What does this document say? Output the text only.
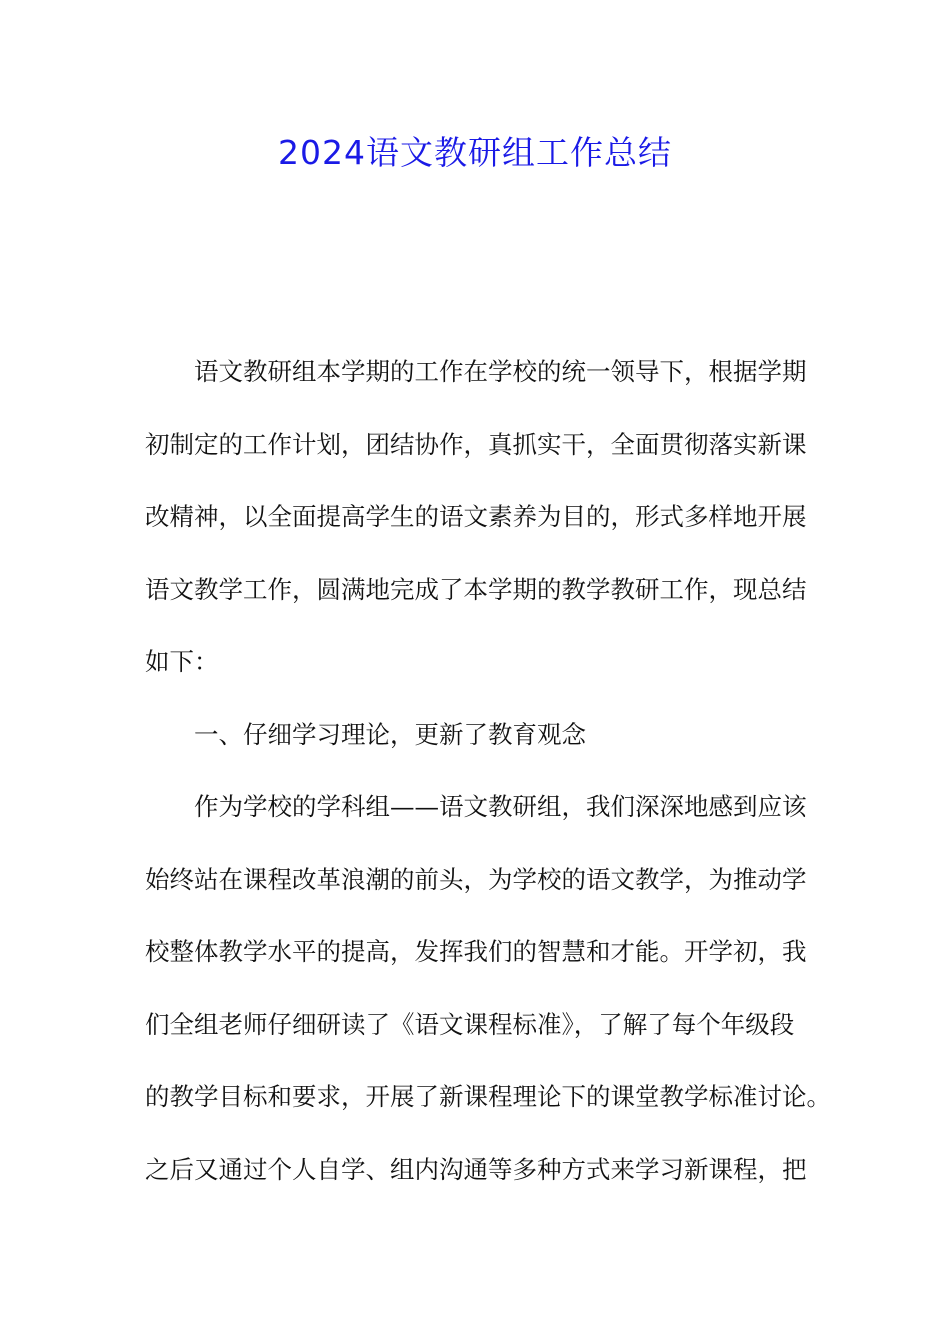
2024语文教研组工作总结
语文教研组本学期的工作在学校的统一领导下，根据学期
初制定的工作计划，团结协作，真抓实干，全面贯彻落实新课
改精神，以全面提高学生的语文素养为目的，形式多样地开展
语文教学工作，圆满地完成了本学期的教学教研工作，现总结
如下：
一、仔细学习理论，更新了教育观念
作为学校的学科组——语文教研组，我们深深地感到应该
始终站在课程改革浪潮的前头，为学校的语文教学，为推动学
校整体教学水平的提高，发挥我们的智慧和才能。开学初，我
们全组老师仔细研读了《语文课程标准》，了解了每个年级段
的教学目标和要求，开展了新课程理论下的课堂教学标准讨论。
之后又通过个人自学、组内沟通等多种方式来学习新课程，把
